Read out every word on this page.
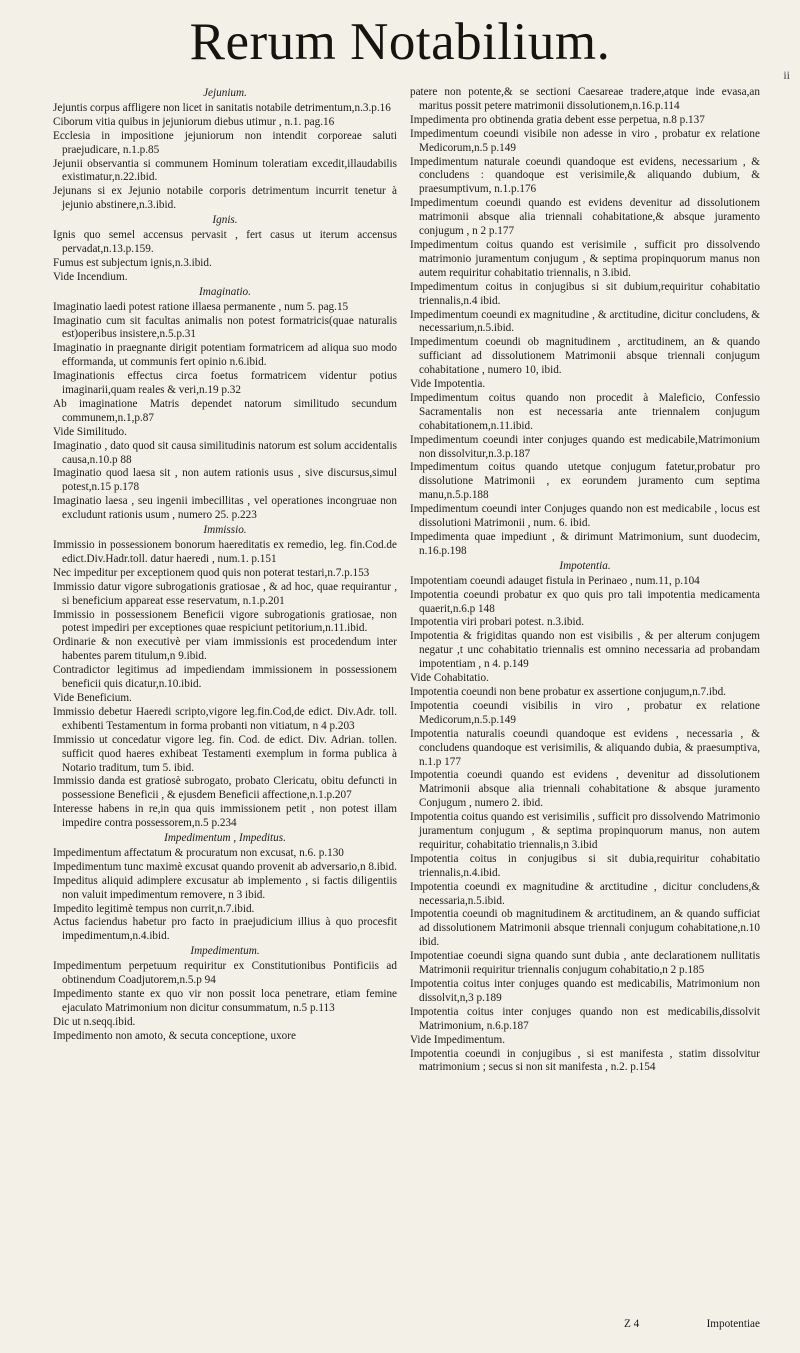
Rerum Notabilium.
ii

Jejunium.

Jejuntis corpus affligere non licet in sanitatis notabile detrimentum,n.3.p.16

Ciborum vitia quibus in jejuniorum diebus utimur , n.1. pag.16

Ecclesia in impositione jejuniorum non intendit corporeae saluti praejudicare, n.1.p.85

Jejunii observantia si communem Hominum toleratiam excedit,illaudabilis existimatur,n.22.ibid.

Jejunans si ex Jejunio notabile corporis detrimentum incurrit tenetur à jejunio abstinere,n.3.ibid.

Ignis.

Ignis quo semel accensus pervasit , fert casus ut iterum accensus pervadat,n.13.p.159.

Fumus est subjectum ignis,n.3.ibid.

Vide Incendium.

Imaginatio.

Imaginatio laedi potest ratione illaesa permanente , num 5. pag.15

Imaginatio cum sit facultas animalis non potest formatricis(quae naturalis est)operibus insistere,n.5.p.31

Imaginatio in praegnante dirigit potentiam formatricem ad aliqua suo modo efformanda, ut communis fert opinio n.6.ibid.

Imaginationis effectus circa foetus formatricem videntur potius imaginarii,quam reales & veri,n.19 p.32

Ab imaginatione Matris dependet natorum similitudo secundum communem,n.1,p.87

Vide Similitudo.

Imaginatio , dato quod sit causa similitudinis natorum est solum accidentalis causa,n.10.p 88

Imaginatio quod laesa sit , non autem rationis usus , sive discursus,simul potest,n.15 p.178

Imaginatio laesa , seu ingenii imbecillitas , vel operationes incongruae non excludunt rationis usum , numero 25. p.223

Immissio.

Immissio in possessionem bonorum haereditatis ex remedio, leg. fin.Cod.de edict.Div.Hadr.toll. datur haeredi , num.1. p.151

Nec impeditur per exceptionem quod quis non poterat testari,n.7.p.153

Immissio datur vigore subrogationis gratiosae , & ad hoc, quae requirantur , si beneficium appareat esse reservatum, n.1.p.201

Immissio in possessionem Beneficii vigore subrogationis gratiosae, non potest impediri per exceptiones quae respiciunt petitorium,n.11.ibid.

Ordinarie & non executivè per viam immissionis est procedendum inter habentes parem titulum,n 9.ibid.

Contradictor legitimus ad impediendam immissionem in possessionem beneficii quis dicatur,n.10.ibid.

Vide Beneficium.

Immissio debetur Haeredi scripto,vigore leg.fin.Cod,de edict. Div.Adr. toll. exhibenti Testamentum in forma probanti non vitiatum, n 4 p.203

Immissio ut concedatur vigore leg. fin. Cod. de edict. Div. Adrian. tollen. sufficit quod haeres exhibeat Testamenti exemplum in forma publica à Notario traditum, tum 5. ibid.

Immissio danda est gratiosè subrogato, probato Clericatu, obitu defuncti in possessione Beneficii , & ejusdem Beneficii affectione,n.1.p.207

Interesse habens in re,in qua quis immissionem petit , non potest illam impedire contra possessorem,n.5 p.234

Impedimentum , Impeditus.

Impedimentum affectatum & procuratum non excusat, n.6. p.130

Impedimentum tunc maximè excusat quando provenit ab adversario,n 8.ibid.

Impeditus aliquid adimplere excusatur ab implemento , si factis diligentiis non valuit impedimentum removere, n 3 ibid.

Impedito legitimè tempus non currit,n.7.ibid.

Actus faciendus habetur pro facto in praejudicium illius à quo procesfit impedimentum,n.4.ibid.

Impedimentum.

Impedimentum perpetuum requiritur ex Constitutionibus Pontificiis ad obtinendum Coadjutorem,n.5.p 94

Impedimento stante ex quo vir non possit loca penetrare, etiam femine ejaculato Matrimonium non dicitur consummatum, n.5 p.113

Dic ut n.seqq.ibid.

Impedimento non amoto, & secuta conceptione, uxore

patere non potente,& se sectioni Caesareae tradere,atque inde evasa,an maritus possit petere matrimonii dissolutionem,n.16.p.114

Impedimenta pro obtinenda gratia debent esse perpetua, n.8 p.137

Impedimentum coeundi visibile non adesse in viro , probatur ex relatione Medicorum,n.5 p.149

Impedimentum naturale coeundi quandoque est evidens, necessarium , & concludens : quandoque est verisimile,& aliquando dubium, & praesumptivum, n.1.p.176

Impedimentum coeundi quando est evidens devenitur ad dissolutionem matrimonii absque alia triennali cohabitatione,& absque juramento conjugum , n 2 p.177

Impedimentum coitus quando est verisimile , sufficit pro dissolvendo matrimonio juramentum conjugum , & septima propinquorum manus non autem requiritur cohabitatio triennalis, n 3.ibid.

Impedimentum coitus in conjugibus si sit dubium,requiritur cohabitatio triennalis,n.4 ibid.

Impedimentum coeundi ex magnitudine , & arctitudine, dicitur concludens, & necessarium,n.5.ibid.

Impedimentum coeundi ob magnitudinem , arctitudinem, an & quando sufficiant ad dissolutionem Matrimonii absque triennali conjugum cohabitatione , numero 10, ibid.

Vide Impotentia.

Impedimentum coitus quando non procedit à Maleficio, Confessio Sacramentalis non est necessaria ante triennalem conjugum cohabitationem,n.11.ibid.

Impedimentum coeundi inter conjuges quando est medicabile,Matrimonium non dissolvitur,n.3.p.187

Impedimentum coitus quando utetque conjugum fatetur,probatur pro dissolutione Matrimonii , ex eorundem juramento cum septima manu,n.5.p.188

Impedimentum coeundi inter Conjuges quando non est medicabile , locus est dissolutioni Matrimonii , num. 6. ibid.

Impedimenta quae impediunt , & dirimunt Matrimonium, sunt duodecim, n.16.p.198

Impotentia.

Impotentiam coeundi adauget fistula in Perinaeo , num.11, p.104

Impotentia coeundi probatur ex quo quis pro tali impotentia medicamenta quaerit,n.6.p 148

Impotentia viri probari potest. n.3.ibid.

Impotentia & frigiditas quando non est visibilis , & per alterum conjugem negatur ,t unc cohabitatio triennalis est omnino necessaria ad probandam impotentiam , n 4. p.149

Vide Cohabitatio.

Impotentia coeundi non bene probatur ex assertione conjugum,n.7.ibd.

Impotentia coeundi visibilis in viro , probatur ex relatione Medicorum,n.5.p.149

Impotentia naturalis coeundi quandoque est evidens , necessaria , & concludens quandoque est verisimilis, & aliquando dubia, & praesumptiva, n.1.p 177

Impotentia coeundi quando est evidens , devenitur ad dissolutionem Matrimonii absque alia triennali cohabitatione & absque juramento Conjugum , numero 2. ibid.

Impotentia coitus quando est verisimilis , sufficit pro dissolvendo Matrimonio juramentum conjugum , & septima propinquorum manus, non autem requiritur, cohabitatio triennalis,n 3.ibid

Impotentia coitus in conjugibus si sit dubia,requiritur cohabitatio triennalis,n.4.ibid.

Impotentia coeundi ex magnitudine & arctitudine , dicitur concludens,& necessaria,n.5.ibid.

Impotentia coeundi ob magnitudinem & arctitudinem, an & quando sufficiat ad dissolutionem Matrimonii absque triennali conjugum cohabitatione,n.10 ibid.

Impotentiae coeundi signa quando sunt dubia , ante declarationem nullitatis Matrimonii requiritur triennalis conjugum cohabitatio,n 2 p.185

Impotentia coitus inter conjuges quando est medicabilis, Matrimonium non dissolvit,n,3 p.189

Impotentia coitus inter conjuges quando non est medicabilis,dissolvit Matrimonium, n.6.p.187

Vide Impedimentum.

Impotentia coeundi in conjugibus , si est manifesta , statim dissolvitur matrimonium ; secus si non sit manifesta , n.2. p.154

Z 4	Impotentiae
